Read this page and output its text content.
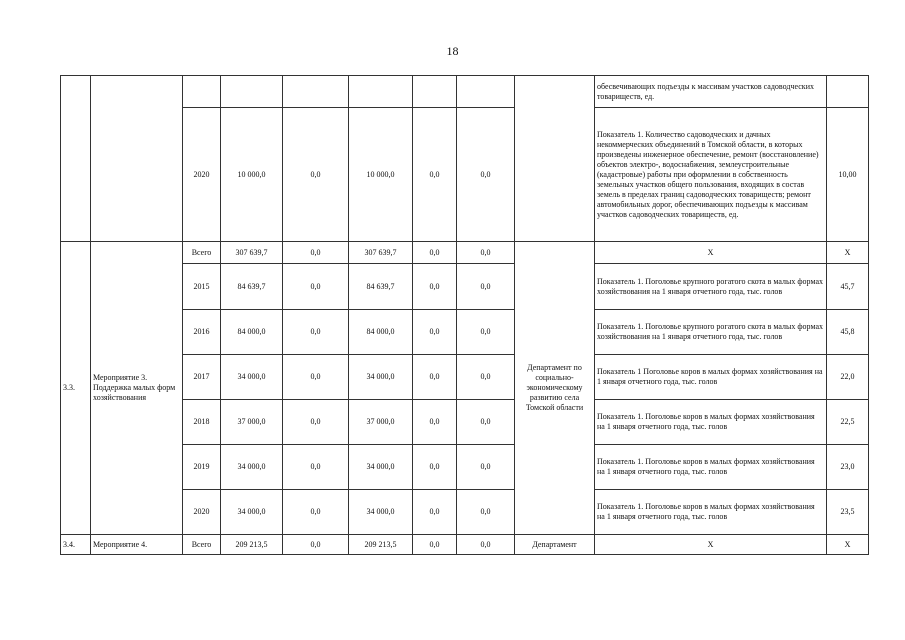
18
									обесвечивающих подъезды к массивам участков садоводческих товариществ, ед.	
		2020	10 000,0	0,0	10 000,0	0,0	0,0		Показатель 1. Количество садоводческих и дачных некоммерческих объединений в Томской области, в которых произведены инженерное обеспечение, ремонт (восстановление) объектов электро-, водоснабжения, землеустроительные (кадастровые) работы при оформлении в собственность земельных участков общего пользования, входящих в состав земель в пределах границ садоводческих товариществ; ремонт автомобильных дорог, обеспечивающих подъезды к массивам участков садоводческих товариществ, ед.	10,00
3.3.	Мероприятие 3. Поддержка малых форм хозяйствования	Всего	307 639,7	0,0	307 639,7	0,0	0,0	Департамент по социально-экономическому развитию села Томской области	X	X
		2015	84 639,7	0,0	84 639,7	0,0	0,0		Показатель 1. Поголовье крупного рогатого скота в малых формах хозяйствования на 1 января отчетного года, тыс. голов	45,7
		2016	84 000,0	0,0	84 000,0	0,0	0,0		Показатель 1. Поголовье крупного рогатого скота в малых формах хозяйствования на 1 января отчетного года, тыс. голов	45,8
		2017	34 000,0	0,0	34 000,0	0,0	0,0		Показатель 1 Поголовье коров в малых формах хозяйствования на 1 января отчетного года, тыс. голов	22,0
		2018	37 000,0	0,0	37 000,0	0,0	0,0		Показатель 1. Поголовье коров в малых формах хозяйствования на 1 января отчетного года, тыс. голов	22,5
		2019	34 000,0	0,0	34 000,0	0,0	0,0		Показатель 1. Поголовье коров в малых формах хозяйствования на 1 января отчетного года, тыс. голов	23,0
		2020	34 000,0	0,0	34 000,0	0,0	0,0		Показатель 1. Поголовье коров в малых формах хозяйствования на 1 января отчетного года, тыс. голов	23,5
3.4.	Мероприятие 4.	Всего	209 213,5	0,0	209 213,5	0,0	0,0	Департамент	X	X
